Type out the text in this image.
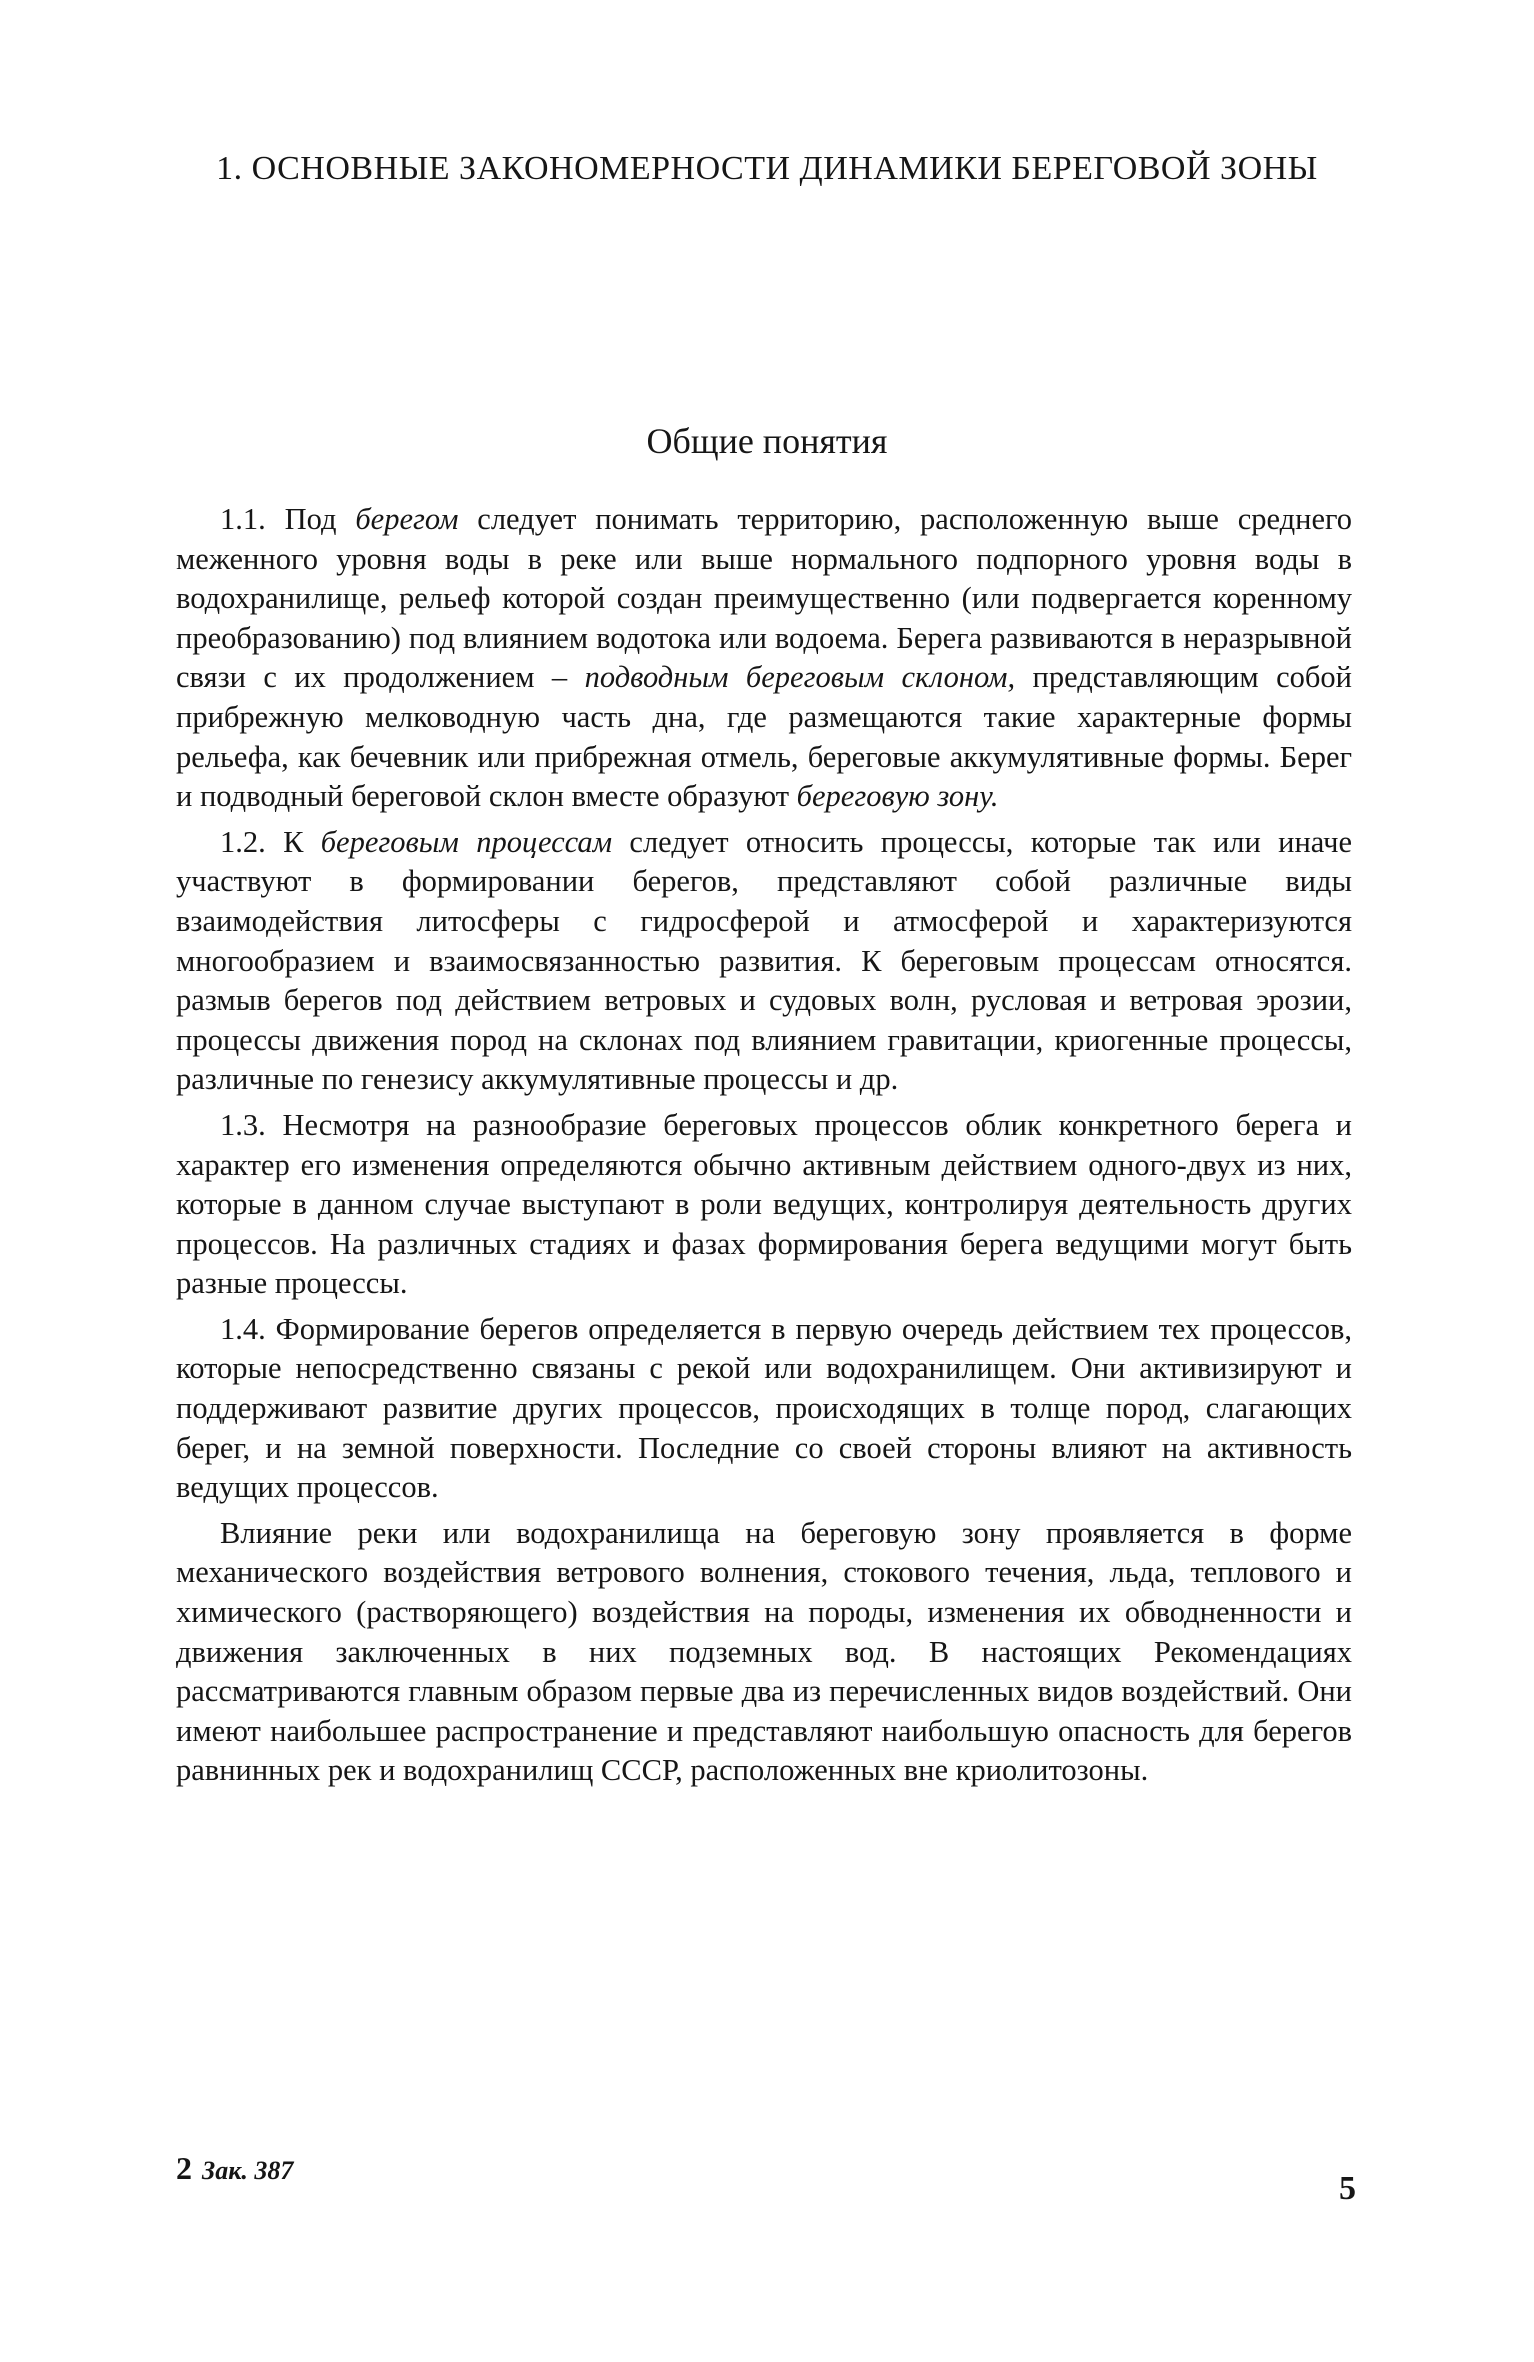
1. ОСНОВНЫЕ ЗАКОНОМЕРНОСТИ ДИНАМИКИ БЕРЕГОВОЙ ЗОНЫ
Общие понятия

1.1. Под берегом следует понимать территорию, расположенную выше среднего меженного уровня воды в реке или выше нормального подпорного уровня воды в водохранилище, рельеф которой создан преимущественно (или подвергается коренному преобразованию) под влиянием водотока или водоема. Берега развиваются в неразрывной связи с их продолжением – подводным береговым склоном, представляющим собой прибрежную мелководную часть дна, где размещаются такие характерные формы рельефа, как бечевник или прибрежная отмель, береговые аккумулятивные формы. Берег и подводный береговой склон вместе образуют береговую зону.

1.2. К береговым процессам следует относить процессы, которые так или иначе участвуют в формировании берегов, представляют собой различные виды взаимодействия литосферы с гидросферой и атмосферой и характеризуются многообразием и взаимосвязанностью развития. К береговым процессам относятся. размыв берегов под действием ветровых и судовых волн, русловая и ветровая эрозии, процессы движения пород на склонах под влиянием гравитации, криогенные процессы, различные по генезису аккумулятивные процессы и др.

1.3. Несмотря на разнообразие береговых процессов облик конкретного берега и характер его изменения определяются обычно активным действием одного-двух из них, которые в данном случае выступают в роли ведущих, контролируя деятельность других процессов. На различных стадиях и фазах формирования берега ведущими могут быть разные процессы.

1.4. Формирование берегов определяется в первую очередь действием тех процессов, которые непосредственно связаны с рекой или водохранилищем. Они активизируют и поддерживают развитие других процессов, происходящих в толще пород, слагающих берег, и на земной поверхности. Последние со своей стороны влияют на активность ведущих процессов.

Влияние реки или водохранилища на береговую зону проявляется в форме механического воздействия ветрового волнения, стокового течения, льда, теплового и химического (растворяющего) воздействия на породы, изменения их обводненности и движения заключенных в них подземных вод. В настоящих Рекомендациях рассматриваются главным образом первые два из перечисленных видов воздействий. Они имеют наибольшее распространение и представляют наибольшую опасность для берегов равнинных рек и водохранилищ СССР, расположенных вне криолитозоны.

2 Зак. 387	5
